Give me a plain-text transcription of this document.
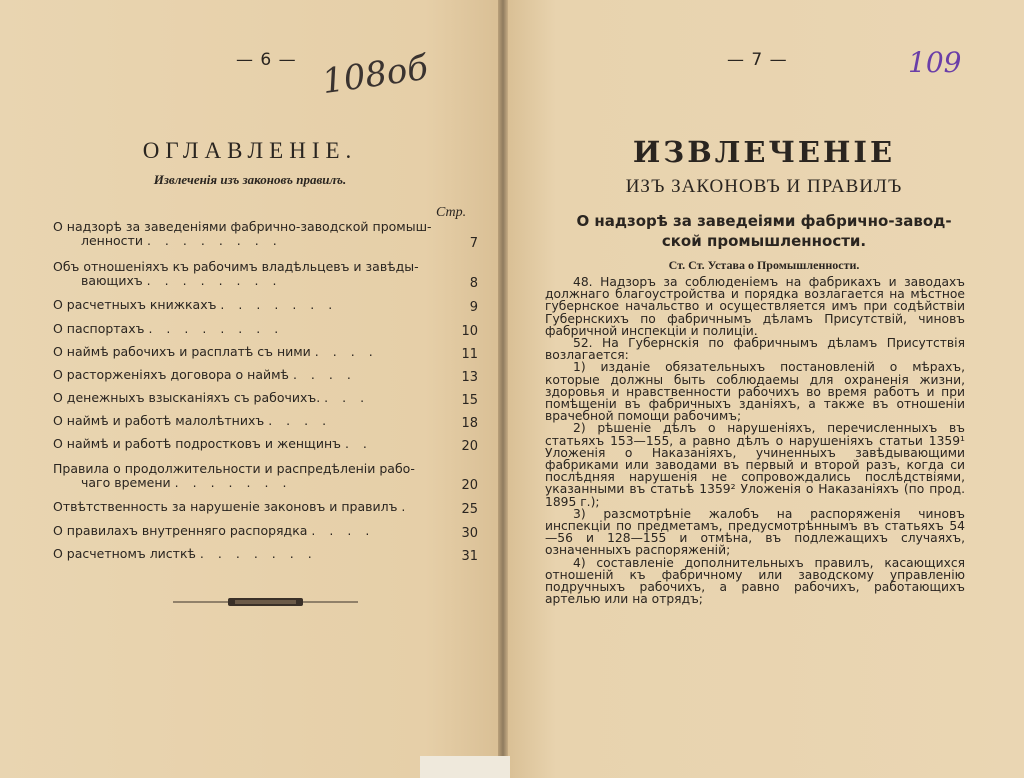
— 6 — 108об
ОГЛАВЛЕНІЕ.
Извлеченія изъ законовъ правилъ.
Стр.
О надзорѣ за заведеніями фабрично-заводской промыш-
ленности ........	7
Объ отношеніяхъ къ рабочимъ владѣльцевъ и завѣды-
вающихъ ........	8
О расчетныхъ книжкахъ .......	9
О паспортахъ ........	10
О наймѣ рабочихъ и расплатѣ съ ними ....	11
О расторженіяхъ договора о наймѣ ....	13
О денежныхъ взысканіяхъ съ рабочихъ. ...	15
О наймѣ и работѣ малолѣтнихъ ....	18
О наймѣ и работѣ подростковъ и женщинъ ..	20
Правила о продолжительности и распредѣленіи рабо-
чаго времени .......	20
Отвѣтственность за нарушеніе законовъ и правилъ .	25
О правилахъ внутренняго распорядка ....	30
О расчетномъ листкѣ .......	31
— 7 —	109
ИЗВЛЕЧЕНІЕ
ИЗЪ ЗАКОНОВЪ И ПРАВИЛЪ
О надзорѣ за заведеіями фабрично-завод-
ской промышленности.
Ст. Ст. Устава о Промышленности.

48. Надзоръ за соблюденіемъ на фабрикахъ и заводахъ должнаго благоустройства и порядка возлагается на мѣстное губернское начальство и осуществляется имъ при содѣйствіи Губернскихъ по фабричнымъ дѣламъ Присутствій, чиновъ фабричной инспекціи и полиціи.

52. На Губернскія по фабричнымъ дѣламъ Присутствія возлагается:

1) изданіе обязательныхъ постановленій о мѣрахъ, которые должны быть соблюдаемы для охраненія жизни, здоровья и нравственности рабочихъ во время работъ и при помѣщеніи въ фабричныхъ зданіяхъ, а также въ отношеніи врачебной помощи рабочимъ;

2) рѣшеніе дѣлъ о нарушеніяхъ, перечисленныхъ въ статьяхъ 153—155, а равно дѣлъ о нарушеніяхъ статьи 1359¹ Уложенія о Наказаніяхъ, учиненныхъ завѣдывающими фабриками или заводами въ первый и второй разъ, когда си послѣдняя нарушенія не сопровождались послѣдствіями, указанными въ статьѣ 1359² Уложенія о Наказаніяхъ (по прод. 1895 г.);

3) разсмотрѣніе жалобъ на распоряженія чиновъ инспекціи по предметамъ, предусмотрѣннымъ въ статьяхъ 54—56 и 128—155 и отмѣна, въ подлежащихъ случаяхъ, означенныхъ распоряженій;

4) составленіе дополнительныхъ правилъ, касающихся отношеній къ фабричному или заводскому управленію подручныхъ рабочихъ, а равно рабочихъ, работающихъ артелью или на отрядъ;
